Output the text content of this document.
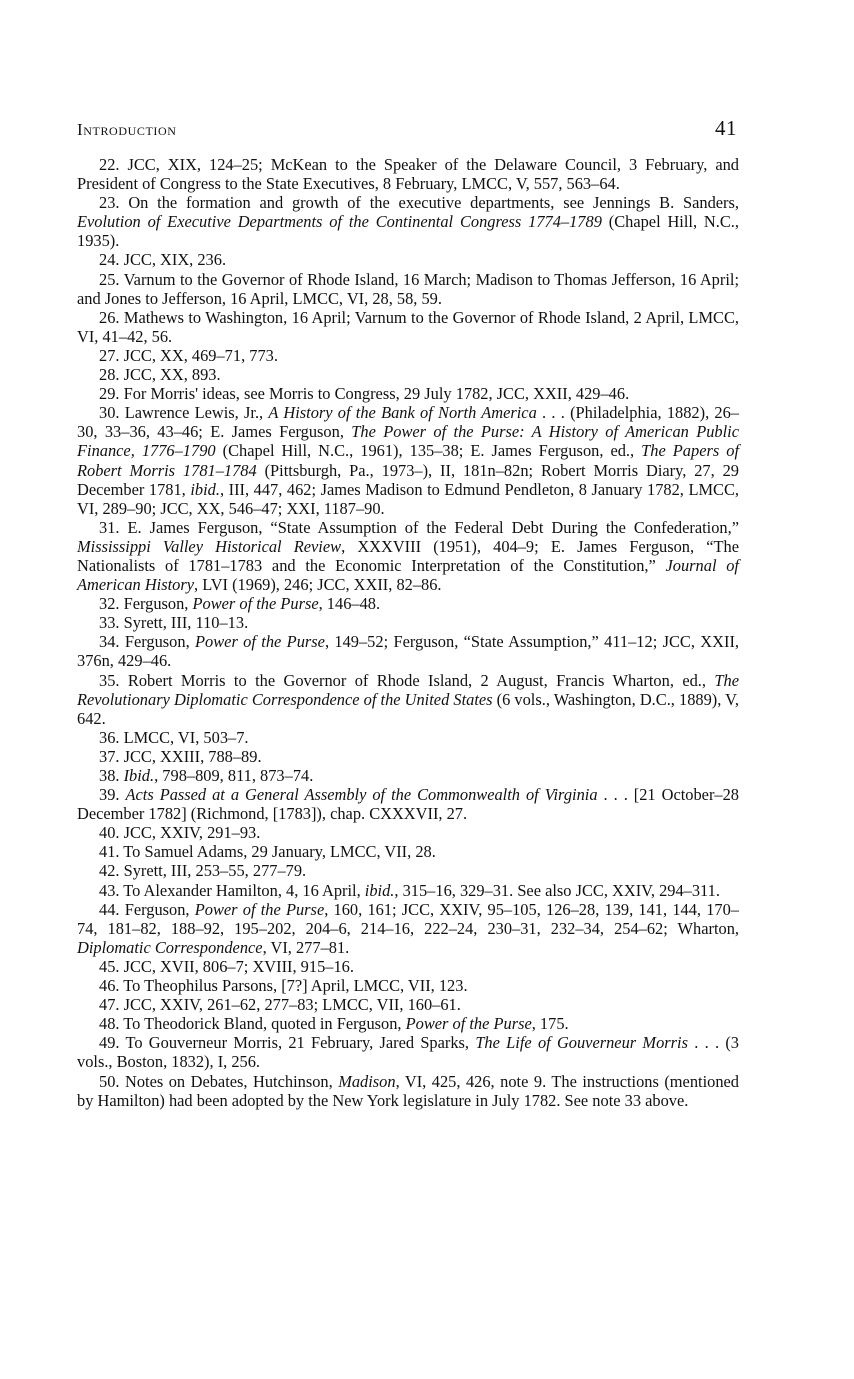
Introduction	41
22. JCC, XIX, 124–25; McKean to the Speaker of the Delaware Council, 3 February, and President of Congress to the State Executives, 8 February, LMCC, V, 557, 563–64.
23. On the formation and growth of the executive departments, see Jennings B. Sanders, Evolution of Executive Departments of the Continental Congress 1774–1789 (Chapel Hill, N.C., 1935).
24. JCC, XIX, 236.
25. Varnum to the Governor of Rhode Island, 16 March; Madison to Thomas Jefferson, 16 April; and Jones to Jefferson, 16 April, LMCC, VI, 28, 58, 59.
26. Mathews to Washington, 16 April; Varnum to the Governor of Rhode Island, 2 April, LMCC, VI, 41–42, 56.
27. JCC, XX, 469–71, 773.
28. JCC, XX, 893.
29. For Morris' ideas, see Morris to Congress, 29 July 1782, JCC, XXII, 429–46.
30. Lawrence Lewis, Jr., A History of the Bank of North America . . . (Philadelphia, 1882), 26–30, 33–36, 43–46; E. James Ferguson, The Power of the Purse: A History of American Public Finance, 1776–1790 (Chapel Hill, N.C., 1961), 135–38; E. James Ferguson, ed., The Papers of Robert Morris 1781–1784 (Pittsburgh, Pa., 1973–), II, 181n–82n; Robert Morris Diary, 27, 29 December 1781, ibid., III, 447, 462; James Madison to Edmund Pendleton, 8 January 1782, LMCC, VI, 289–90; JCC, XX, 546–47; XXI, 1187–90.
31. E. James Ferguson, “State Assumption of the Federal Debt During the Confederation,” Mississippi Valley Historical Review, XXXVIII (1951), 404–9; E. James Ferguson, “The Nationalists of 1781–1783 and the Economic Interpretation of the Constitution,” Journal of American History, LVI (1969), 246; JCC, XXII, 82–86.
32. Ferguson, Power of the Purse, 146–48.
33. Syrett, III, 110–13.
34. Ferguson, Power of the Purse, 149–52; Ferguson, “State Assumption,” 411–12; JCC, XXII, 376n, 429–46.
35. Robert Morris to the Governor of Rhode Island, 2 August, Francis Wharton, ed., The Revolutionary Diplomatic Correspondence of the United States (6 vols., Washington, D.C., 1889), V, 642.
36. LMCC, VI, 503–7.
37. JCC, XXIII, 788–89.
38. Ibid., 798–809, 811, 873–74.
39. Acts Passed at a General Assembly of the Commonwealth of Virginia . . . [21 October–28 December 1782] (Richmond, [1783]), chap. CXXXVII, 27.
40. JCC, XXIV, 291–93.
41. To Samuel Adams, 29 January, LMCC, VII, 28.
42. Syrett, III, 253–55, 277–79.
43. To Alexander Hamilton, 4, 16 April, ibid., 315–16, 329–31. See also JCC, XXIV, 294–311.
44. Ferguson, Power of the Purse, 160, 161; JCC, XXIV, 95–105, 126–28, 139, 141, 144, 170–74, 181–82, 188–92, 195–202, 204–6, 214–16, 222–24, 230–31, 232–34, 254–62; Wharton, Diplomatic Correspondence, VI, 277–81.
45. JCC, XVII, 806–7; XVIII, 915–16.
46. To Theophilus Parsons, [7?] April, LMCC, VII, 123.
47. JCC, XXIV, 261–62, 277–83; LMCC, VII, 160–61.
48. To Theodorick Bland, quoted in Ferguson, Power of the Purse, 175.
49. To Gouverneur Morris, 21 February, Jared Sparks, The Life of Gouverneur Morris . . . (3 vols., Boston, 1832), I, 256.
50. Notes on Debates, Hutchinson, Madison, VI, 425, 426, note 9. The instructions (mentioned by Hamilton) had been adopted by the New York legislature in July 1782. See note 33 above.
